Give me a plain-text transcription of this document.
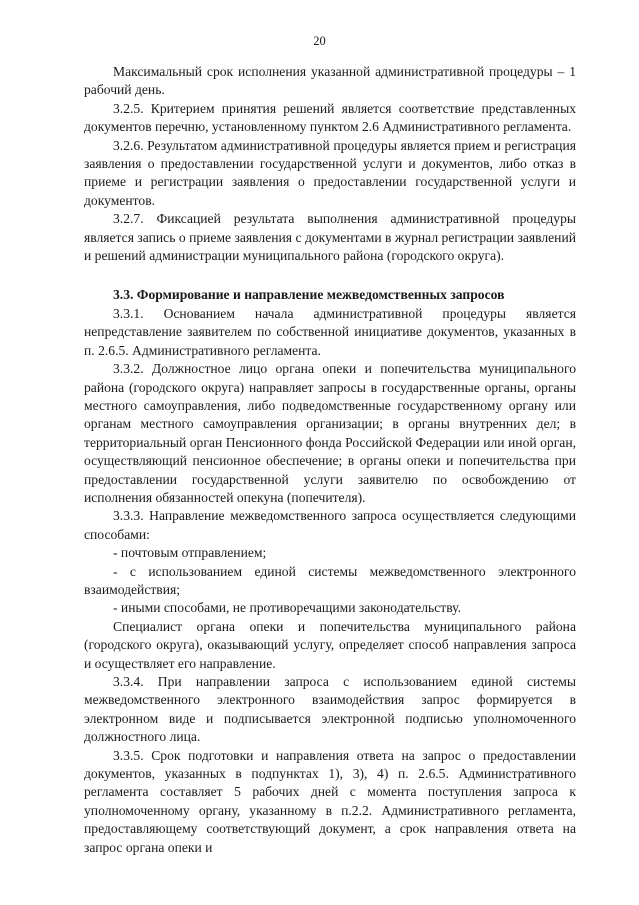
20

Максимальный срок исполнения указанной административной процедуры – 1 рабочий день.

3.2.5. Критерием принятия решений является соответствие представленных документов перечню, установленному пунктом 2.6 Административного регламента.

3.2.6. Результатом административной процедуры является прием и регистрация заявления о предоставлении государственной услуги и документов, либо отказ в приеме и регистрации заявления о предоставлении государственной услуги и документов.

3.2.7. Фиксацией результата выполнения административной процедуры является запись о приеме заявления с документами в журнал регистрации заявлений и решений администрации муниципального района (городского округа).

3.3. Формирование и направление межведомственных запросов

3.3.1. Основанием начала административной процедуры является непредставление заявителем по собственной инициативе документов, указанных в п. 2.6.5. Административного регламента.

3.3.2. Должностное лицо органа опеки и попечительства муниципального района (городского округа) направляет запросы в государственные органы, органы местного самоуправления, либо подведомственные государственному органу или органам местного самоуправления организации; в органы внутренних дел; в территориальный орган Пенсионного фонда Российской Федерации или иной орган, осуществляющий пенсионное обеспечение; в органы опеки и попечительства при предоставлении государственной услуги заявителю по освобождению от исполнения обязанностей опекуна (попечителя).

3.3.3. Направление межведомственного запроса осуществляется следующими способами:

- почтовым отправлением;

- с использованием единой системы межведомственного электронного взаимодействия;

- иными способами, не противоречащими законодательству.

Специалист органа опеки и попечительства муниципального района (городского округа), оказывающий услугу, определяет способ направления запроса и осуществляет его направление.

3.3.4. При направлении запроса с использованием единой системы межведомственного электронного взаимодействия запрос формируется в электронном виде и подписывается электронной подписью уполномоченного должностного лица.

3.3.5. Срок подготовки и направления ответа на запрос о предоставлении документов, указанных в подпунктах 1), 3), 4) п. 2.6.5. Административного регламента составляет 5 рабочих дней с момента поступления запроса к уполномоченному органу, указанному в п.2.2. Административного регламента, предоставляющему соответствующий документ, а срок направления ответа на запрос органа опеки и
